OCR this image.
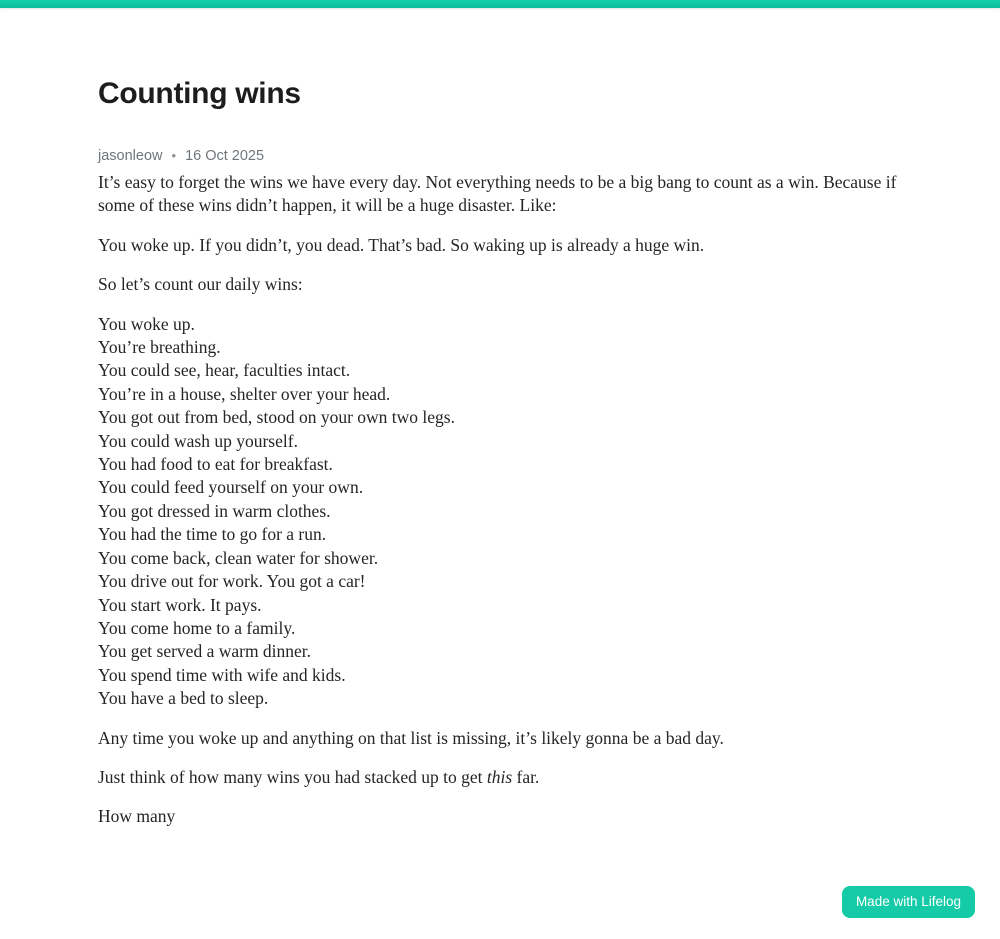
Counting wins
jasonleow • 16 Oct 2025

It’s easy to forget the wins we have every day. Not everything needs to be a big bang to count as a win. Because if some of these wins didn’t happen, it will be a huge disaster. Like:

You woke up. If you didn’t, you dead. That’s bad. So waking up is already a huge win.

So let’s count our daily wins:

You woke up.
You’re breathing.
You could see, hear, faculties intact.
You’re in a house, shelter over your head.
You got out from bed, stood on your own two legs.
You could wash up yourself.
You had food to eat for breakfast.
You could feed yourself on your own.
You got dressed in warm clothes.
You had the time to go for a run.
You come back, clean water for shower.
You drive out for work. You got a car!
You start work. It pays.
You come home to a family.
You get served a warm dinner.
You spend time with wife and kids.
You have a bed to sleep.

Any time you woke up and anything on that list is missing, it’s likely gonna be a bad day.

Just think of how many wins you had stacked up to get this far.

How many

Made with Lifelog
